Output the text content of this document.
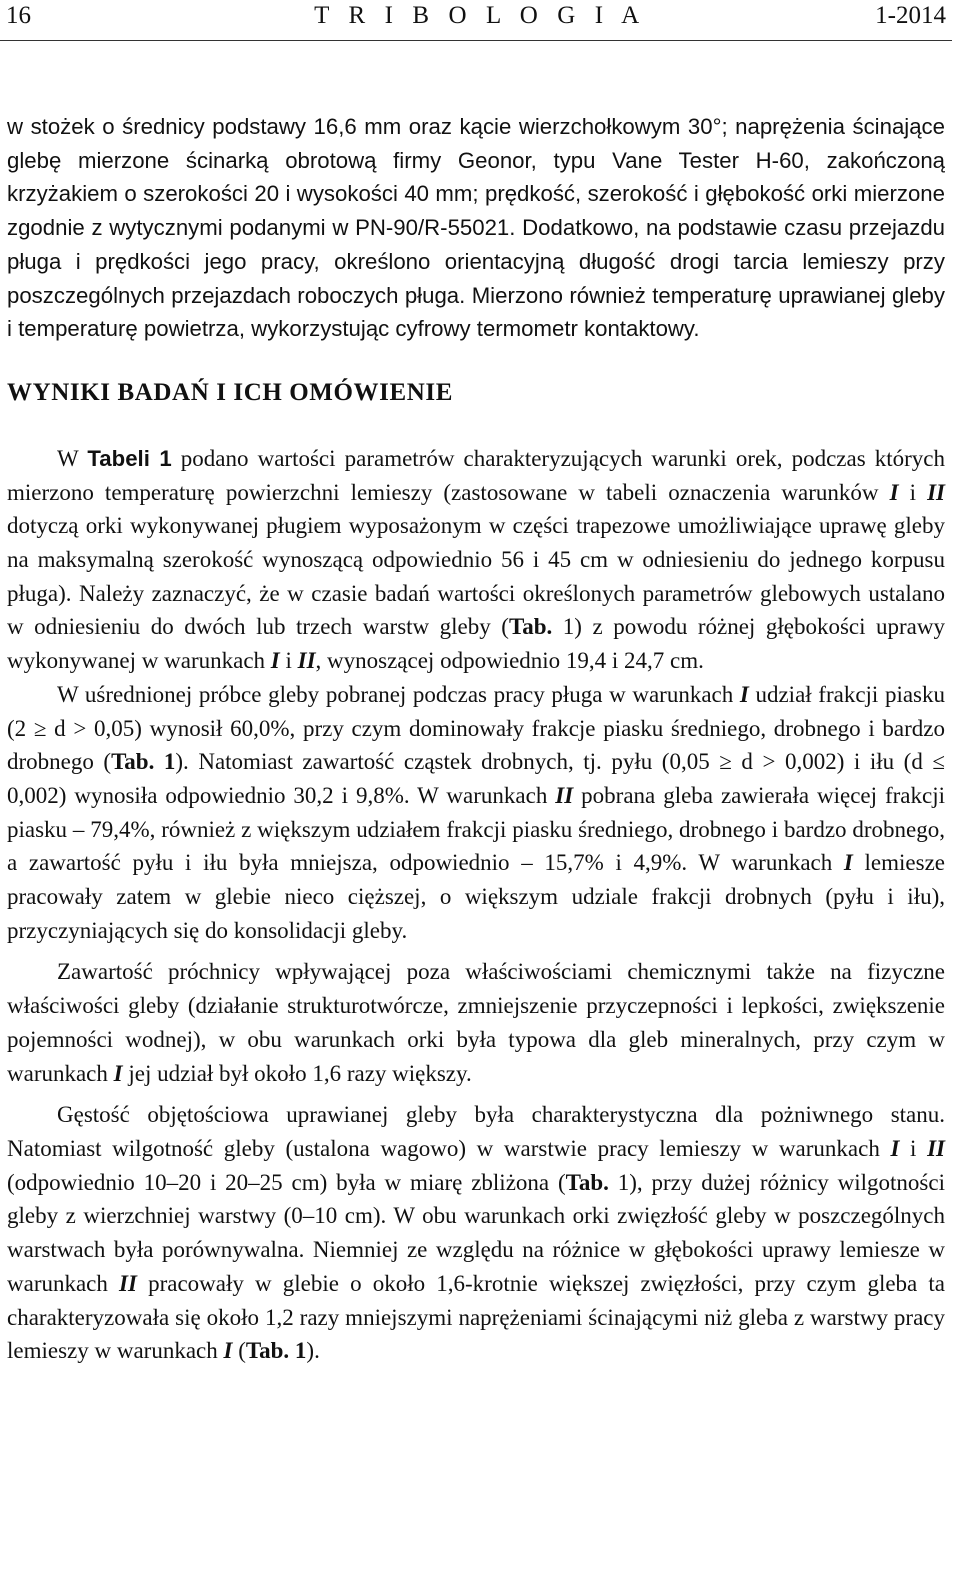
16	T R I B O L O G I A	1-2014

w stożek o średnicy podstawy 16,6 mm oraz kącie wierzchołkowym 30°; naprężenia ścinające glebę mierzone ścinarką obrotową firmy Geonor, typu Vane Tester H-60, zakończoną krzyżakiem o szerokości 20 i wysokości 40 mm; prędkość, szerokość i głębokość orki mierzone zgodnie z wytycznymi podanymi w PN-90/R-55021. Dodatkowo, na podstawie czasu przejazdu pługa i prędkości jego pracy, określono orientacyjną długość drogi tarcia lemieszy przy poszczególnych przejazdach roboczych pługa. Mierzono również temperaturę uprawianej gleby i temperaturę powietrza, wykorzystując cyfrowy termometr kontaktowy.

WYNIKI BADAŃ I ICH OMÓWIENIE

W Tabeli 1 podano wartości parametrów charakteryzujących warunki orek, podczas których mierzono temperaturę powierzchni lemieszy (zastosowane w tabeli oznaczenia warunków I i II dotyczą orki wykonywanej pługiem wyposażonym w części trapezowe umożliwiające uprawę gleby na maksymalną szerokość wynoszącą odpowiednio 56 i 45 cm w odniesieniu do jednego korpusu pługa). Należy zaznaczyć, że w czasie badań wartości określonych parametrów glebowych ustalano w odniesieniu do dwóch lub trzech warstw gleby (Tab. 1) z powodu różnej głębokości uprawy wykonywanej w warunkach I i II, wynoszącej odpowiednio 19,4 i 24,7 cm.

W uśrednionej próbce gleby pobranej podczas pracy pługa w warunkach I udział frakcji piasku (2 ≥ d > 0,05) wynosił 60,0%, przy czym dominowały frakcje piasku średniego, drobnego i bardzo drobnego (Tab. 1). Natomiast zawartość cząstek drobnych, tj. pyłu (0,05 ≥ d > 0,002) i iłu (d ≤ 0,002) wynosiła odpowiednio 30,2 i 9,8%. W warunkach II pobrana gleba zawierała więcej frakcji piasku – 79,4%, również z większym udziałem frakcji piasku średniego, drobnego i bardzo drobnego, a zawartość pyłu i iłu była mniejsza, odpowiednio – 15,7% i 4,9%. W warunkach I lemiesze pracowały zatem w glebie nieco cięższej, o większym udziale frakcji drobnych (pyłu i iłu), przyczyniających się do konsolidacji gleby.

Zawartość próchnicy wpływającej poza właściwościami chemicznymi także na fizyczne właściwości gleby (działanie strukturotwórcze, zmniejszenie przyczepności i lepkości, zwiększenie pojemności wodnej), w obu warunkach orki była typowa dla gleb mineralnych, przy czym w warunkach I jej udział był około 1,6 razy większy.

Gęstość objętościowa uprawianej gleby była charakterystyczna dla pożniwnego stanu. Natomiast wilgotność gleby (ustalona wagowo) w warstwie pracy lemieszy w warunkach I i II (odpowiednio 10–20 i 20–25 cm) była w miarę zbliżona (Tab. 1), przy dużej różnicy wilgotności gleby z wierzchniej warstwy (0–10 cm). W obu warunkach orki zwięzłość gleby w poszczególnych warstwach była porównywalna. Niemniej ze względu na różnice w głębokości uprawy lemiesze w warunkach II pracowały w glebie o około 1,6-krotnie większej zwięzłości, przy czym gleba ta charakteryzowała się około 1,2 razy mniejszymi naprężeniami ścinającymi niż gleba z warstwy pracy lemieszy w warunkach I (Tab. 1).
